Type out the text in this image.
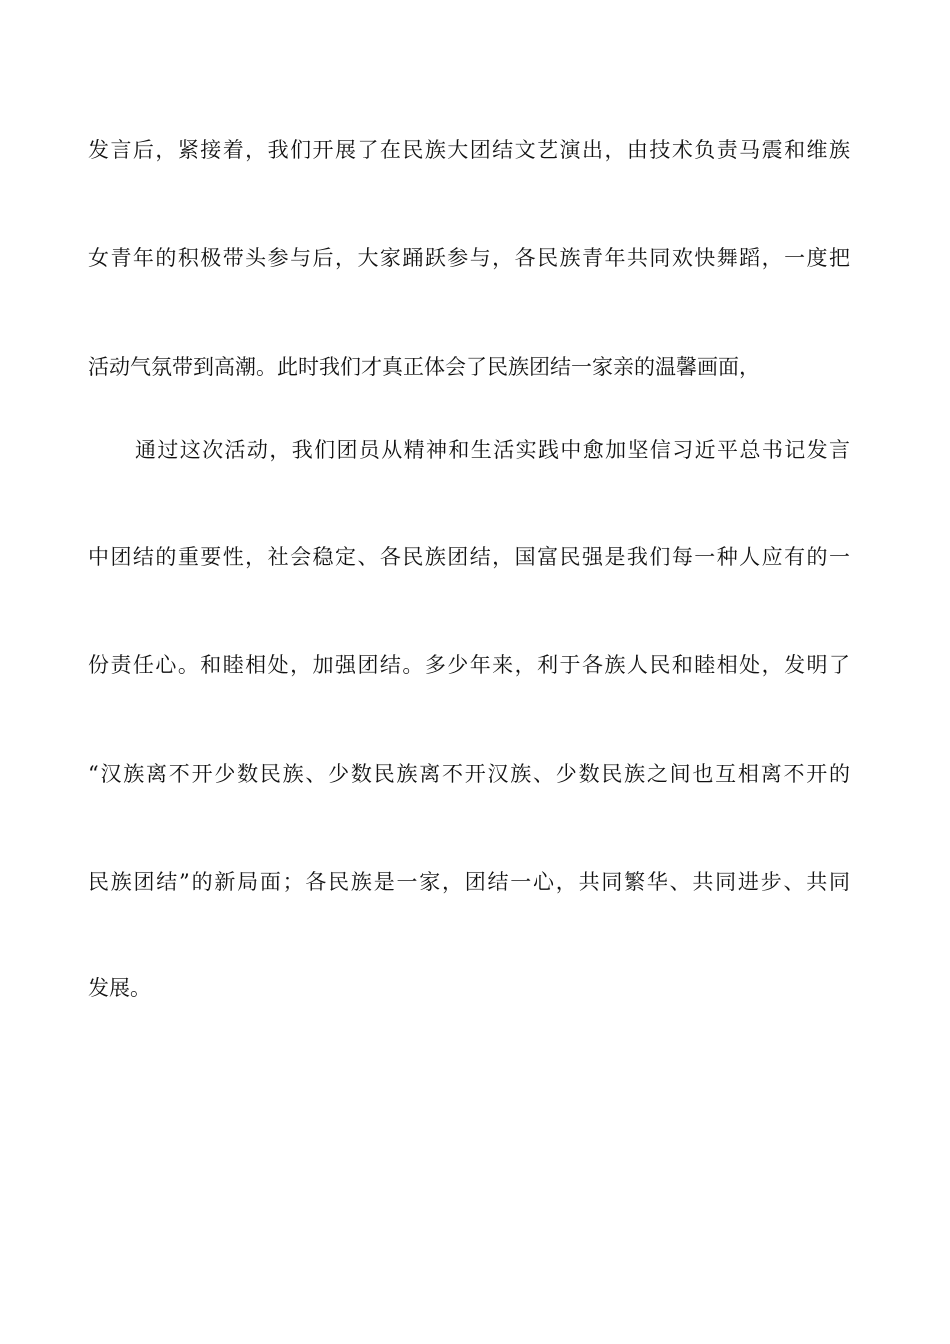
发言后，紧接着，我们开展了在民族大团结文艺演出，由技术负责马震和维族
女青年的积极带头参与后，大家踊跃参与，各民族青年共同欢快舞蹈，一度把
活动气氛带到高潮。此时我们才真正体会了民族团结一家亲的温馨画面，
通过这次活动，我们团员从精神和生活实践中愈加坚信习近平总书记发言
中团结的重要性，社会稳定、各民族团结，国富民强是我们每一种人应有的一
份责任心。和睦相处，加强团结。多少年来，利于各族人民和睦相处，发明了
“汉族离不开少数民族、少数民族离不开汉族、少数民族之间也互相离不开的
民族团结”的新局面；各民族是一家，团结一心，共同繁华、共同进步、共同
发展。
